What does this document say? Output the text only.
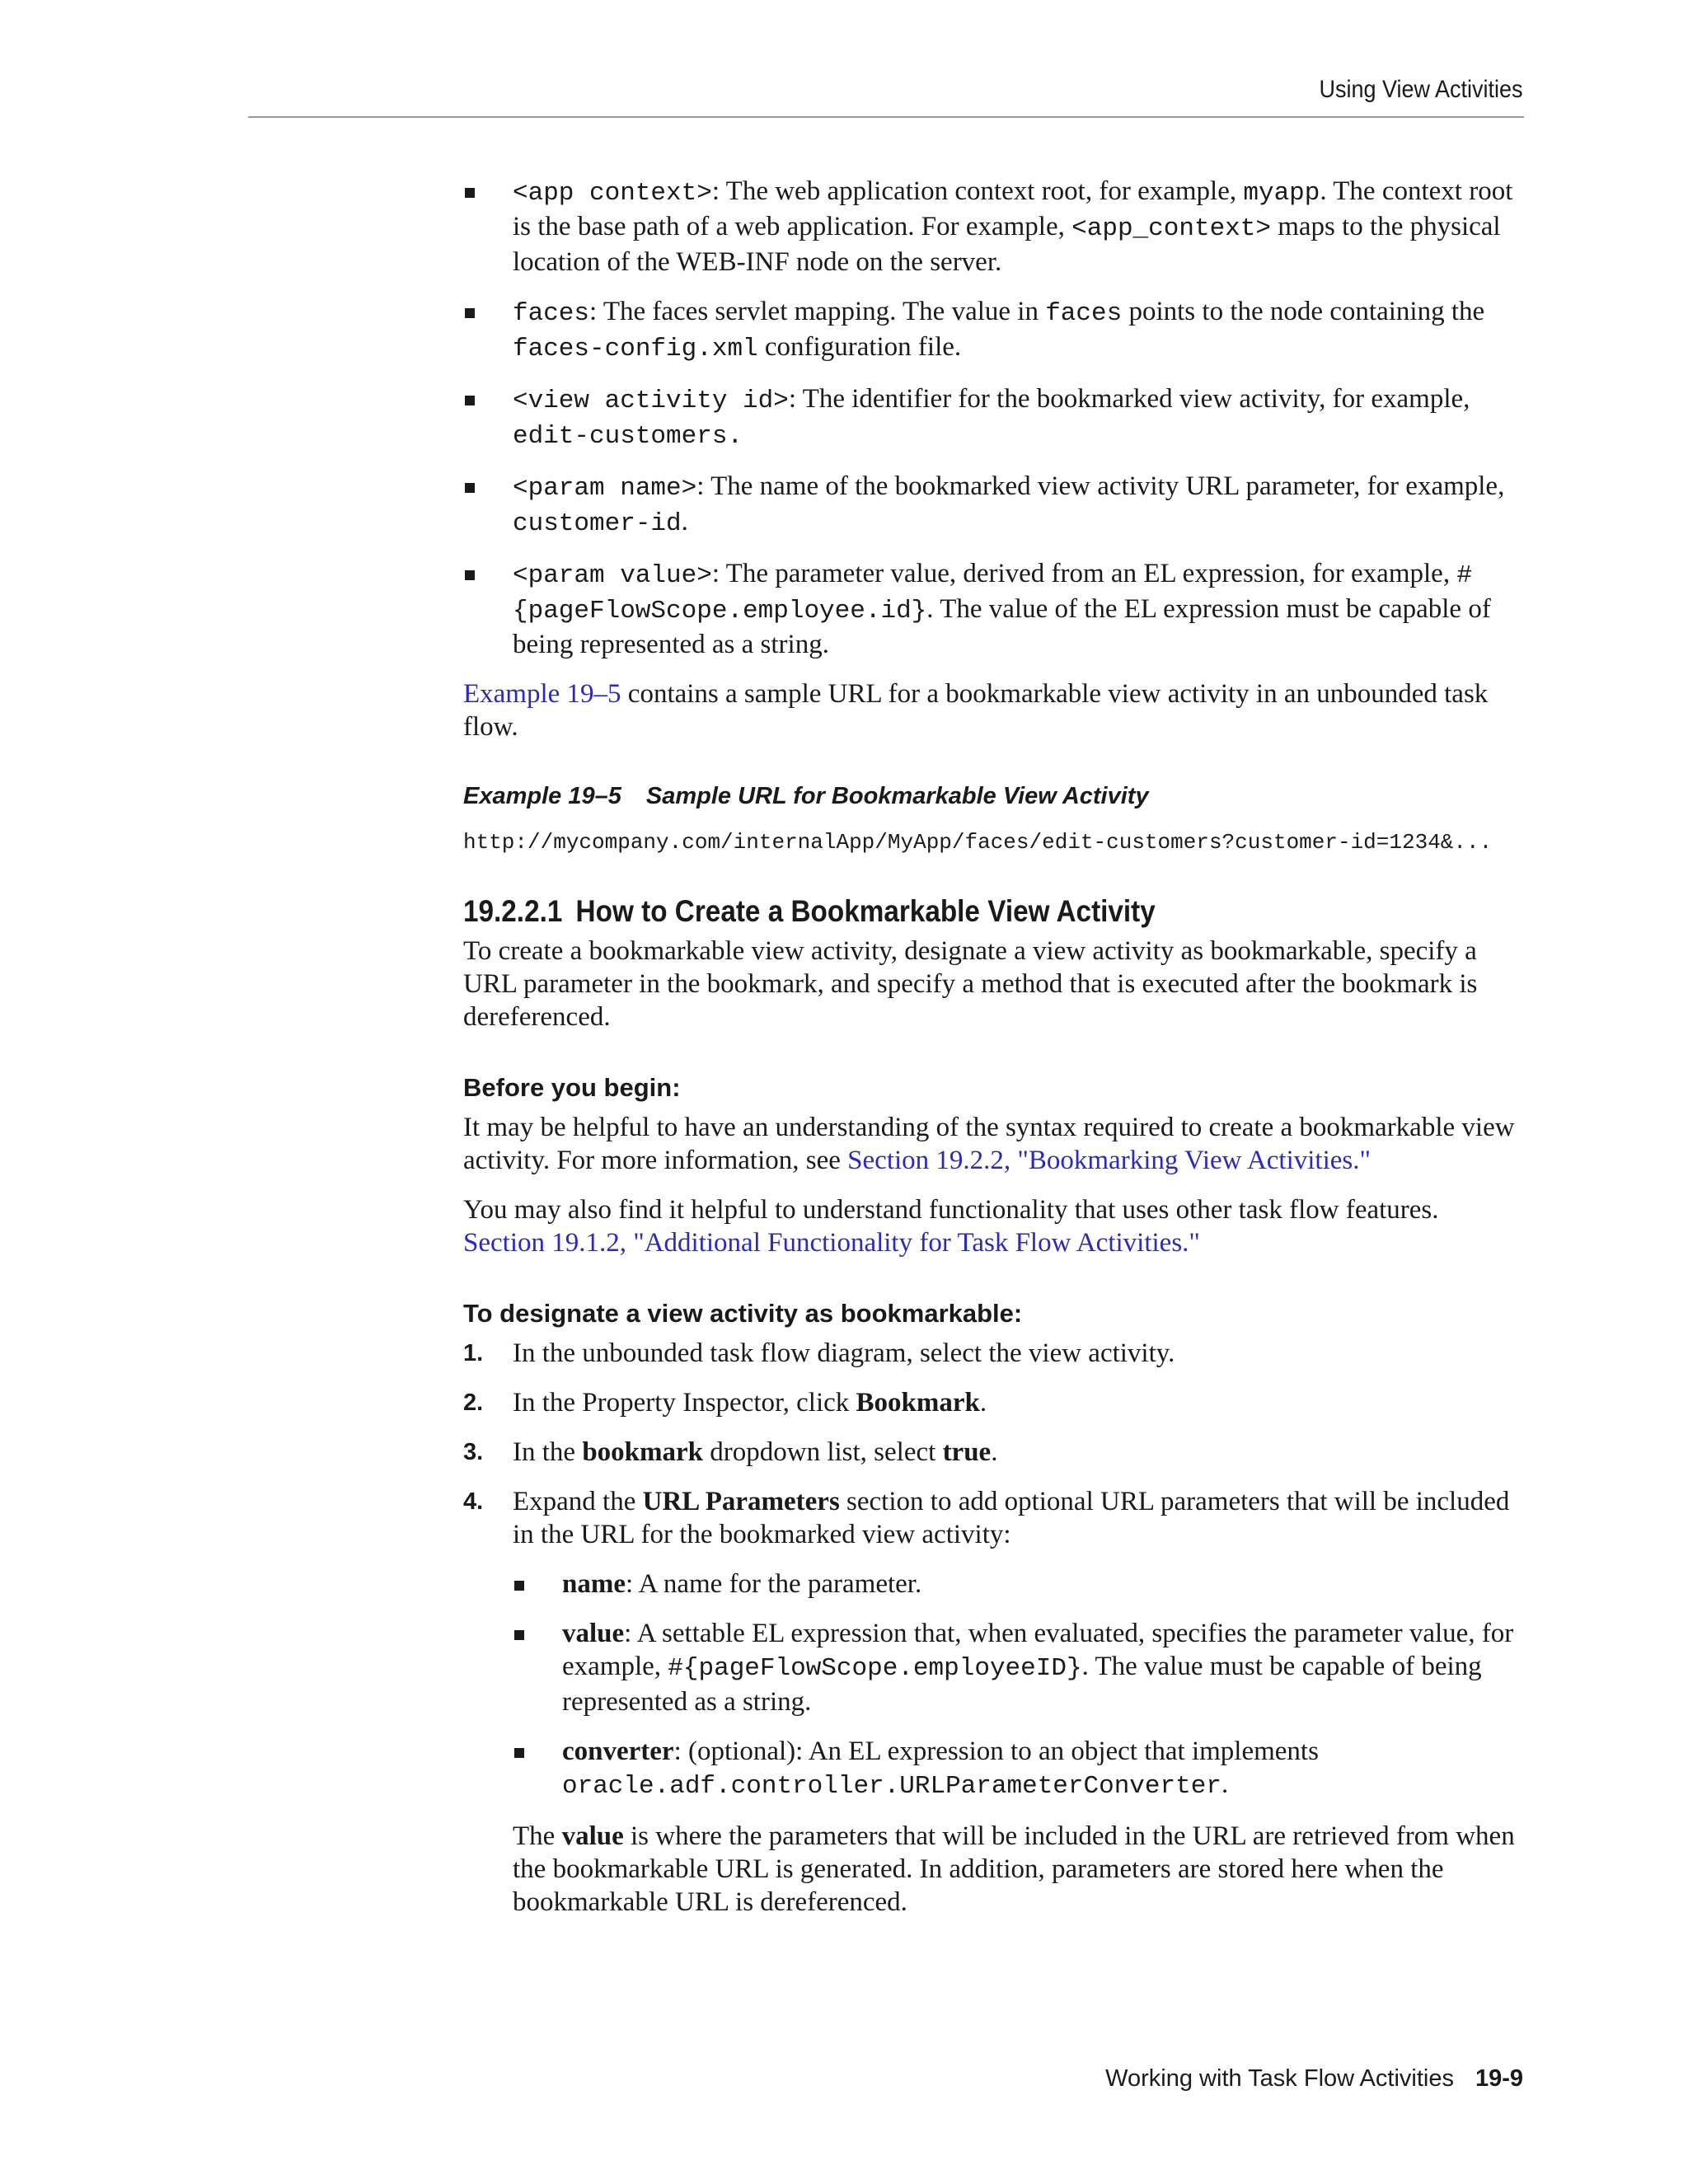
Using View Activities
<app context>: The web application context root, for example, myapp. The context root is the base path of a web application. For example, <app_context> maps to the physical location of the WEB-INF node on the server.
faces: The faces servlet mapping. The value in faces points to the node containing the faces-config.xml configuration file.
<view activity id>: The identifier for the bookmarked view activity, for example, edit-customers.
<param name>: The name of the bookmarked view activity URL parameter, for example, customer-id.
<param value>: The parameter value, derived from an EL expression, for example, #{pageFlowScope.employee.id}. The value of the EL expression must be capable of being represented as a string.

Example 19–5 contains a sample URL for a bookmarkable view activity in an unbounded task flow.

Example 19–5 Sample URL for Bookmarkable View Activity
http://mycompany.com/internalApp/MyApp/faces/edit-customers?customer-id=1234&...
19.2.2.1 How to Create a Bookmarkable View Activity

To create a bookmarkable view activity, designate a view activity as bookmarkable, specify a URL parameter in the bookmark, and specify a method that is executed after the bookmark is dereferenced.

Before you begin:

It may be helpful to have an understanding of the syntax required to create a bookmarkable view activity. For more information, see Section 19.2.2, "Bookmarking View Activities."

You may also find it helpful to understand functionality that uses other task flow features. Section 19.1.2, "Additional Functionality for Task Flow Activities."

To designate a view activity as bookmarkable:
1. In the unbounded task flow diagram, select the view activity.
2. In the Property Inspector, click Bookmark.
3. In the bookmark dropdown list, select true.
4. Expand the URL Parameters section to add optional URL parameters that will be included in the URL for the bookmarked view activity:
name: A name for the parameter.
value: A settable EL expression that, when evaluated, specifies the parameter value, for example, #{pageFlowScope.employeeID}. The value must be capable of being represented as a string.
converter: (optional): An EL expression to an object that implements oracle.adf.controller.URLParameterConverter.

The value is where the parameters that will be included in the URL are retrieved from when the bookmarkable URL is generated. In addition, parameters are stored here when the bookmarkable URL is dereferenced.

Working with Task Flow Activities 19-9
